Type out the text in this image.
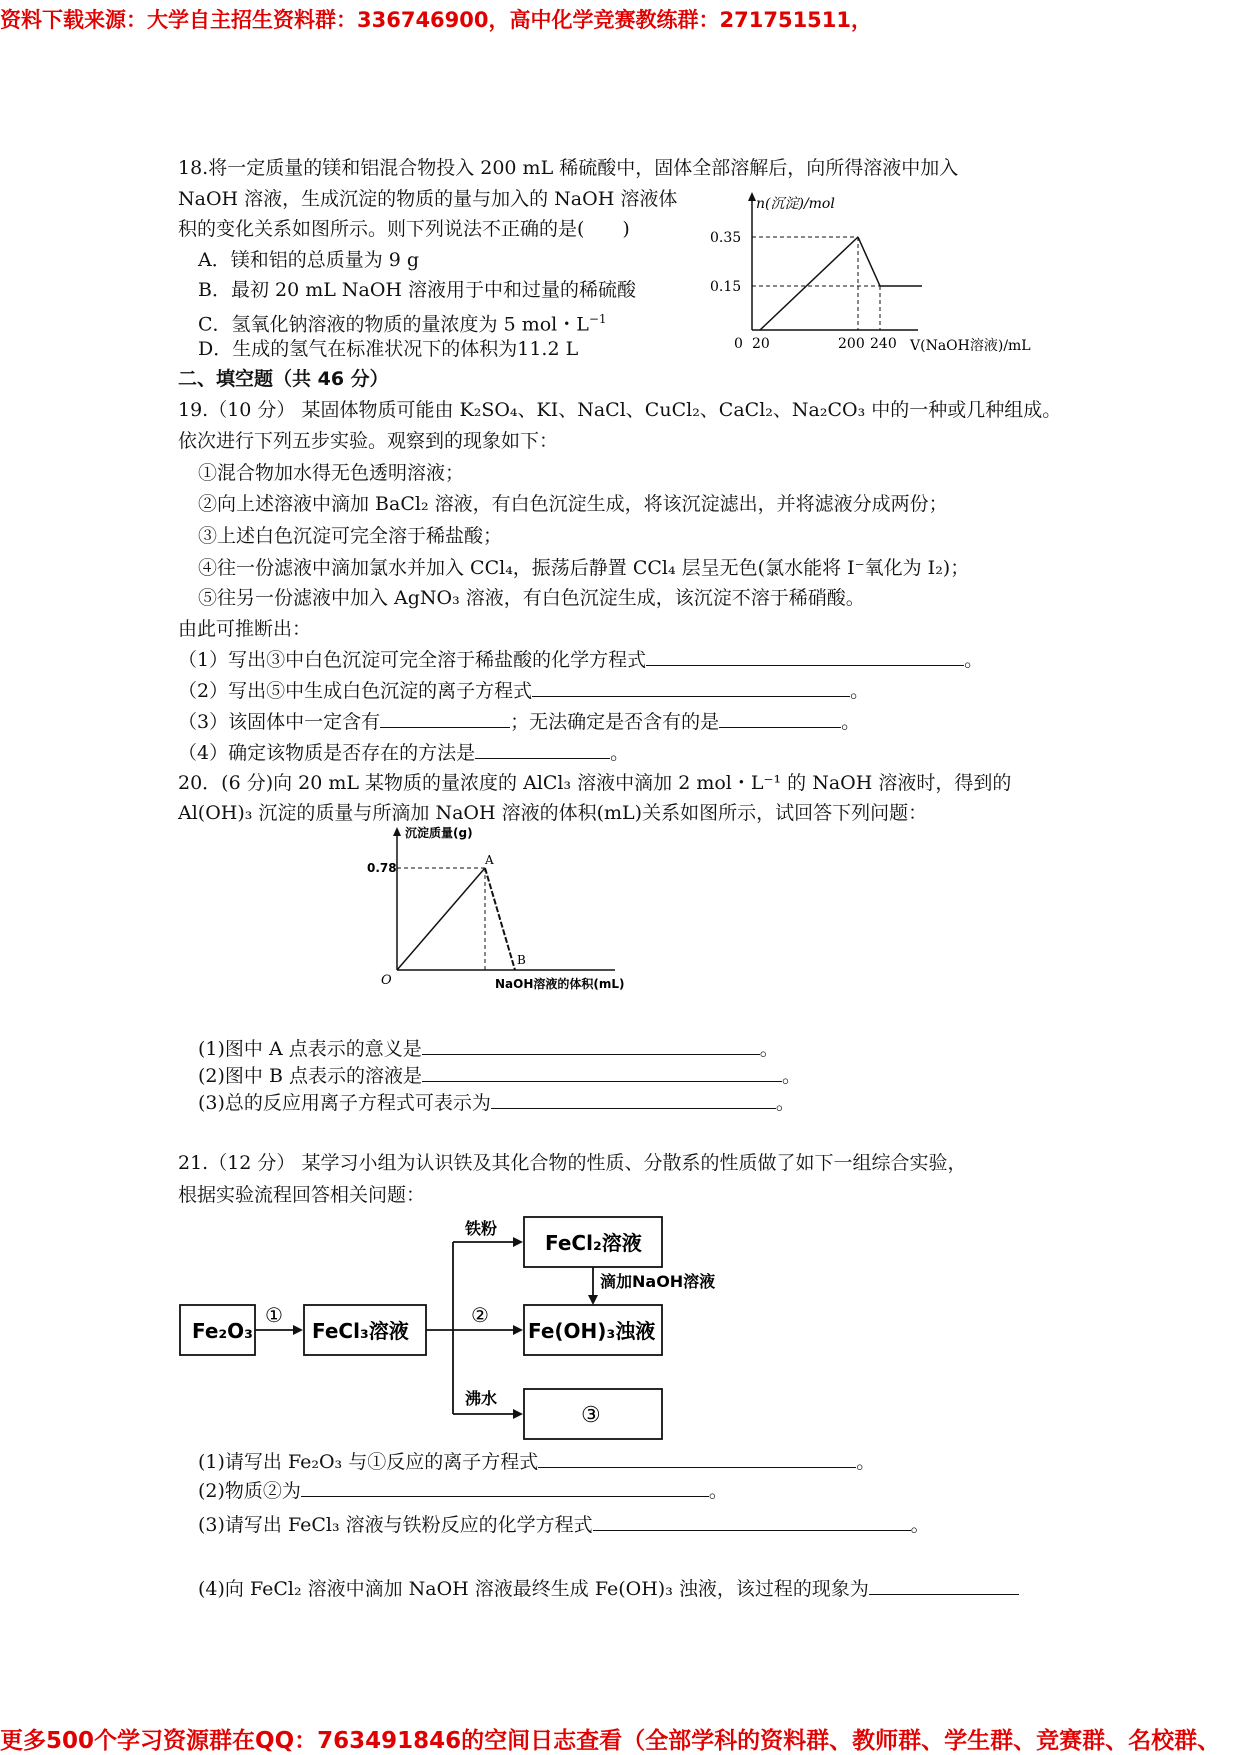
资料下载来源：大学自主招生资料群：336746900，高中化学竞赛教练群：271751511，
更多500个学习资源群在QQ：763491846的空间日志查看（全部学科的资料群、教师群、学生群、竞赛群、名校群、
18.将一定质量的镁和铝混合物投入 200 mL 稀硫酸中，固体全部溶解后，向所得溶液中加入
NaOH 溶液，生成沉淀的物质的量与加入的 NaOH 溶液体
积的变化关系如图所示。则下列说法不正确的是(　　)
A．镁和铝的总质量为 9 g
B．最初 20 mL NaOH 溶液用于中和过量的稀硫酸
C．氢氧化钠溶液的物质的量浓度为 5 mol・$L^{-1}$
D．生成的氢气在标准状况下的体积为11.2 L
n(沉淀)/mol
V(NaOH溶液)/mL
0.35
0.15
0 20	200 240
二、填空题（共 46 分）
19.（10 分） 某固体物质可能由 K₂SO₄、KI、NaCl、CuCl₂、CaCl₂、Na₂CO₃ 中的一种或几种组成。
依次进行下列五步实验。观察到的现象如下：
①混合物加水得无色透明溶液；
②向上述溶液中滴加 BaCl₂ 溶液，有白色沉淀生成，将该沉淀滤出，并将滤液分成两份；
③上述白色沉淀可完全溶于稀盐酸；
④往一份滤液中滴加氯水并加入 CCl₄，振荡后静置 CCl₄ 层呈无色(氯水能将 I⁻氧化为 I₂)；
⑤往另一份滤液中加入 AgNO₃ 溶液，有白色沉淀生成，该沉淀不溶于稀硝酸。
由此可推断出：
（1）写出③中白色沉淀可完全溶于稀盐酸的化学方程式	。
（2）写出⑤中生成白色沉淀的离子方程式	。
（3）该固体中一定含有	；无法确定是否含有的是	。
（4）确定该物质是否存在的方法是	。
20．(6 分)向 20 mL 某物质的量浓度的 AlCl₃ 溶液中滴加 2 mol・L⁻¹ 的 NaOH 溶液时，得到的
Al(OH)₃ 沉淀的质量与所滴加 NaOH 溶液的体积(mL)关系如图所示，试回答下列问题：
沉淀质量(g)
NaOH溶液的体积(mL)
O
0.78
A
B
(1)图中 A 点表示的意义是	。
(2)图中 B 点表示的溶液是	。
(3)总的反应用离子方程式可表示为	。
21.（12 分） 某学习小组为认识铁及其化合物的性质、分散系的性质做了如下一组综合实验，
根据实验流程回答相关问题：
Fe₂O₃
①
FeCl₃溶液
铁粉
FeCl₂溶液
滴加NaOH溶液
②
Fe(OH)₃浊液
沸水
③
(1)请写出 Fe₂O₃ 与①反应的离子方程式	。
(2)物质②为	。
(3)请写出 FeCl₃ 溶液与铁粉反应的化学方程式	。
(4)向 FeCl₂ 溶液中滴加 NaOH 溶液最终生成 Fe(OH)₃ 浊液，该过程的现象为
